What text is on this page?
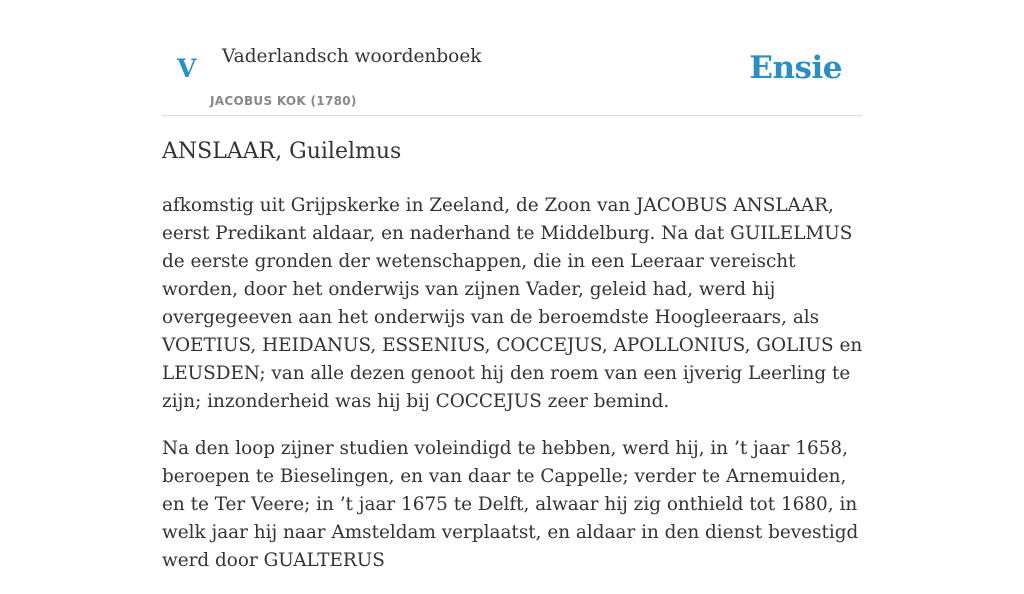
V Vaderlandsch woordenboek
JACOBUS KOK (1780)
Ensie
ANSLAAR, Guilelmus

afkomstig uit Grijpskerke in Zeeland, de Zoon van JACOBUS ANSLAAR, eerst Predikant aldaar, en naderhand te Middelburg. Na dat GUILELMUS de eerste gronden der wetenschappen, die in een Leeraar vereischt worden, door het onderwijs van zijnen Vader, geleid had, werd hij overgegeeven aan het onderwijs van de beroemdste Hoogleeraars, als VOETIUS, HEIDANUS, ESSENIUS, COCCEJUS, APOLLONIUS, GOLIUS en LEUSDEN; van alle dezen genoot hij den roem van een ijverig Leerling te zijn; inzonderheid was hij bij COCCEJUS zeer bemind.

Na den loop zijner studien voleindigd te hebben, werd hij, in ’t jaar 1658, beroepen te Bieselingen, en van daar te Cappelle; verder te Arnemuiden, en te Ter Veere; in ’t jaar 1675 te Delft, alwaar hij zig onthield tot 1680, in welk jaar hij naar Amsteldam verplaatst, en aldaar in den dienst bevestigd werd door GUALTERUS
